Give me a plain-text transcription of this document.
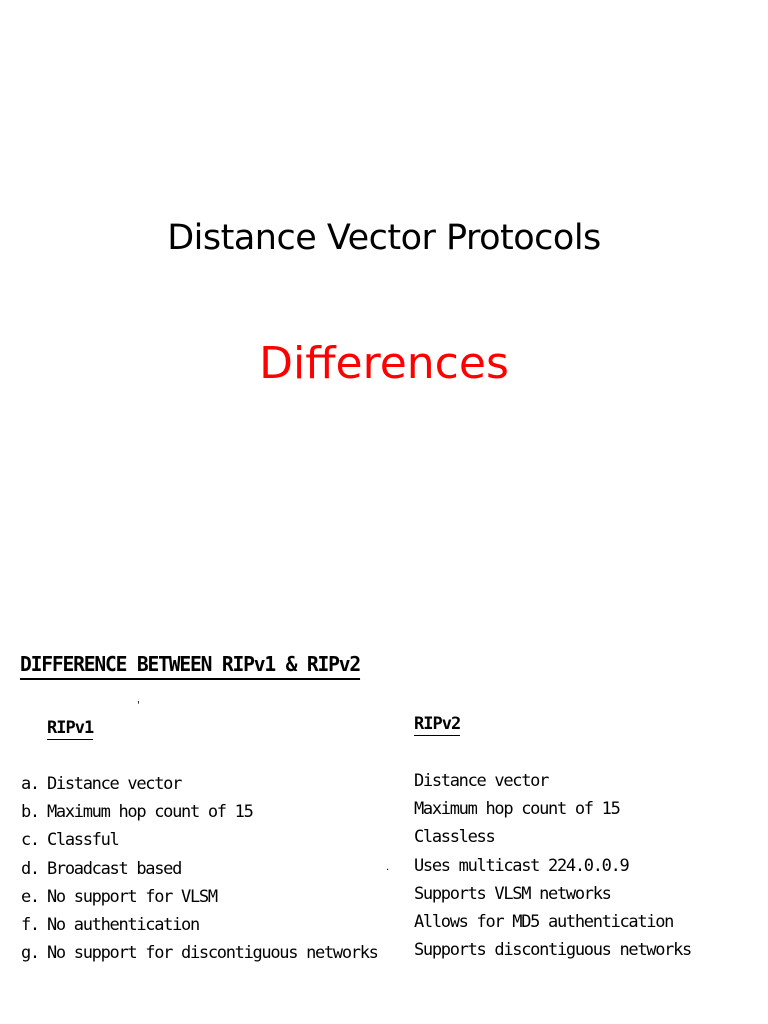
Distance Vector Protocols
Differences
DIFFERENCE BETWEEN RIPv1 & RIPv2
'
.
RIPv1	RIPv2
a. Distance vector
b. Maximum hop count of 15
c. Classful
d. Broadcast based
e. No support for VLSM
f. No authentication
g. No support for discontiguous networks
Distance vector
Maximum hop count of 15
Classless
Uses multicast 224.0.0.9
Supports VLSM networks
Allows for MD5 authentication
Supports discontiguous networks
